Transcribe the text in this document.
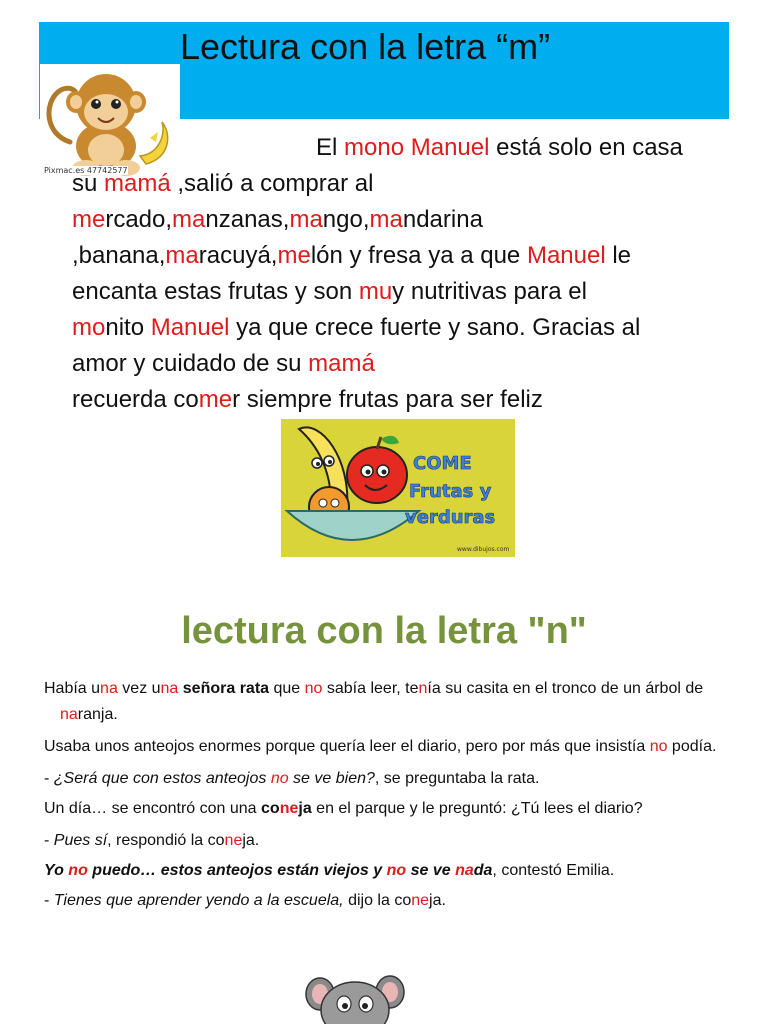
Lectura con la letra “m”
Pixmac.es 47742577
El mono Manuel está solo en casa
su mamá ,salió a comprar al
mercado,manzanas,mango,mandarina
,banana,maracuyá,melón y fresa ya a que Manuel le
encanta estas frutas y son muy nutritivas para el
monito Manuel ya que crece fuerte y sano. Gracias al
amor y cuidado de su mamá
recuerda comer siempre frutas para ser feliz
COME
Frutas y
verduras
www.dibujos.com
lectura con la letra "n"

Había una vez una señora rata que no sabía leer, tenía su casita en el tronco de un árbol de naranja.

Usaba unos anteojos enormes porque quería leer el diario, pero por más que insistía no podía.

- ¿Será que con estos anteojos no se ve bien?, se preguntaba la rata.

Un día… se encontró con una coneja en el parque y le preguntó: ¿Tú lees el diario?

- Pues sí, respondió la coneja.

Yo no puedo… estos anteojos están viejos y no se ve nada, contestó Emilia.

- Tienes que aprender yendo a la escuela, dijo la coneja.
